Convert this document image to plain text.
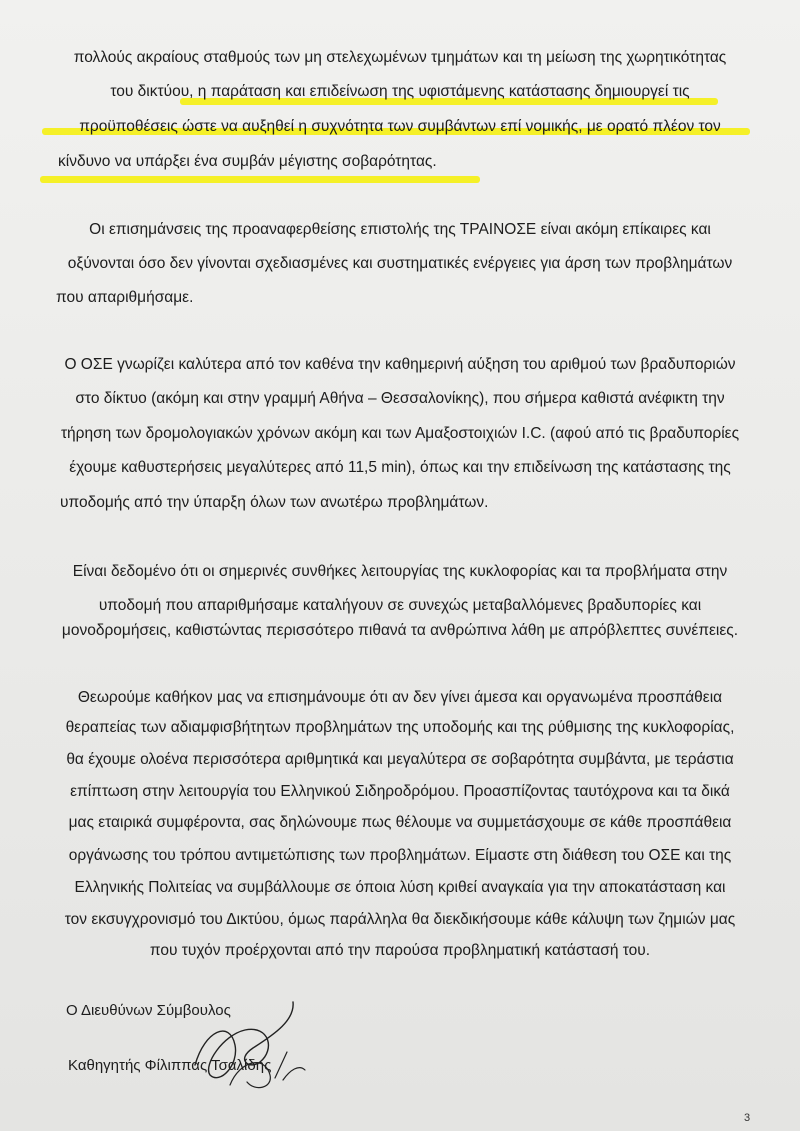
πολλούς ακραίους σταθμούς των μη στελεχωμένων τμημάτων και τη μείωση της χωρητικότητας
του δικτύου, η παράταση και επιδείνωση της υφιστάμενης κατάστασης δημιουργεί τις
προϋποθέσεις ώστε να αυξηθεί η συχνότητα των συμβάντων επί νομικής, με ορατό πλέον τον
κίνδυνο να υπάρξει ένα συμβάν μέγιστης σοβαρότητας.
Οι επισημάνσεις της προαναφερθείσης επιστολής της ΤΡΑΙΝΟΣΕ είναι ακόμη επίκαιρες και
οξύνονται όσο δεν γίνονται σχεδιασμένες και συστηματικές ενέργειες για άρση των προβλημάτων
που απαριθμήσαμε.
Ο ΟΣΕ γνωρίζει καλύτερα από τον καθένα την καθημερινή αύξηση του αριθμού των βραδυποριών
στο δίκτυο (ακόμη και στην γραμμή Αθήνα – Θεσσαλονίκης), που σήμερα καθιστά ανέφικτη την
τήρηση των δρομολογιακών χρόνων ακόμη και των Αμαξοστοιχιών I.C. (αφού από τις βραδυπορίες
έχουμε καθυστερήσεις μεγαλύτερες από 11,5 min), όπως και την επιδείνωση της κατάστασης της
υποδομής από την ύπαρξη όλων των ανωτέρω προβλημάτων.
Είναι δεδομένο ότι οι σημερινές συνθήκες λειτουργίας της κυκλοφορίας και τα προβλήματα στην
υποδομή που απαριθμήσαμε καταλήγουν σε συνεχώς μεταβαλλόμενες βραδυπορίες και
μονοδρομήσεις, καθιστώντας περισσότερο πιθανά τα ανθρώπινα λάθη με απρόβλεπτες συνέπειες.
Θεωρούμε καθήκον μας να επισημάνουμε ότι αν δεν γίνει άμεσα και οργανωμένα προσπάθεια
θεραπείας των αδιαμφισβήτητων προβλημάτων της υποδομής και της ρύθμισης της κυκλοφορίας,
θα έχουμε ολοένα περισσότερα αριθμητικά και μεγαλύτερα σε σοβαρότητα συμβάντα, με τεράστια
επίπτωση στην λειτουργία του Ελληνικού Σιδηροδρόμου. Προασπίζοντας ταυτόχρονα και τα δικά
μας εταιρικά συμφέροντα, σας δηλώνουμε πως θέλουμε να συμμετάσχουμε σε κάθε προσπάθεια
οργάνωσης του τρόπου αντιμετώπισης των προβλημάτων. Είμαστε στη διάθεση του ΟΣΕ και της
Ελληνικής Πολιτείας να συμβάλλουμε σε όποια λύση κριθεί αναγκαία για την αποκατάσταση και
τον εκσυγχρονισμό του Δικτύου, όμως παράλληλα θα διεκδικήσουμε κάθε κάλυψη των ζημιών μας
που τυχόν προέρχονται από την παρούσα προβληματική κατάστασή του.
Ο Διευθύνων Σύμβουλος
Καθηγητής Φίλιππας Τσαλίδης
3
